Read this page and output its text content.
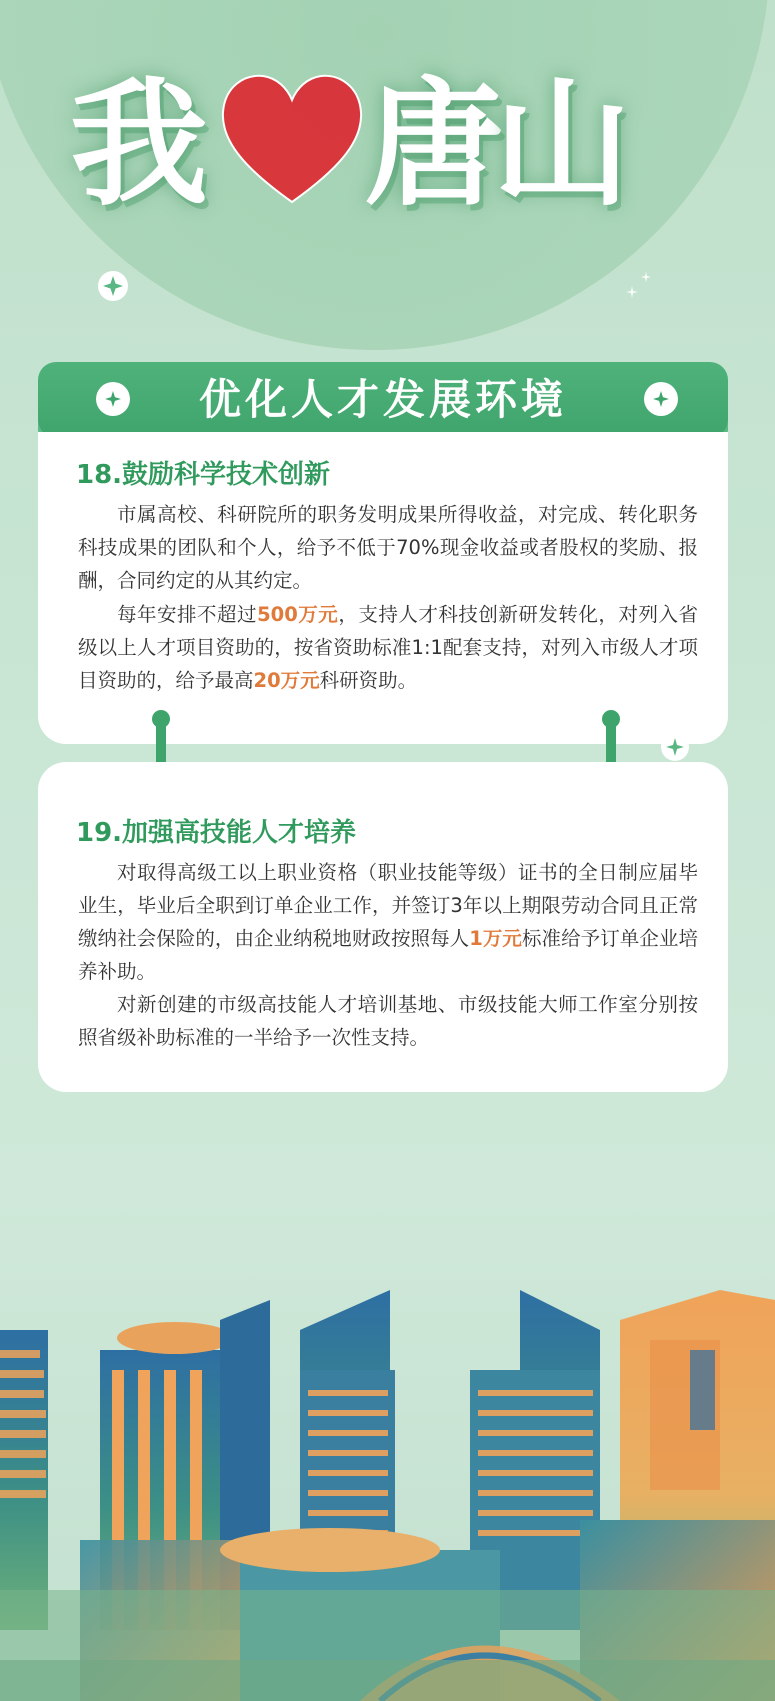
我 唐
山
优化人才发展环境
18.鼓励科学技术创新
市属高校、科研院所的职务发明成果所得收益，对完成、转化职务科技成果的团队和个人，给予不低于70%现金收益或者股权的奖励、报酬，合同约定的从其约定。
每年安排不超过500万元，支持人才科技创新研发转化，对列入省级以上人才项目资助的，按省资助标准1:1配套支持，对列入市级人才项目资助的，给予最高20万元科研资助。
19.加强高技能人才培养
对取得高级工以上职业资格（职业技能等级）证书的全日制应届毕业生，毕业后全职到订单企业工作，并签订3年以上期限劳动合同且正常缴纳社会保险的，由企业纳税地财政按照每人1万元标准给予订单企业培养补助。
对新创建的市级高技能人才培训基地、市级技能大师工作室分别按照省级补助标准的一半给予一次性支持。
